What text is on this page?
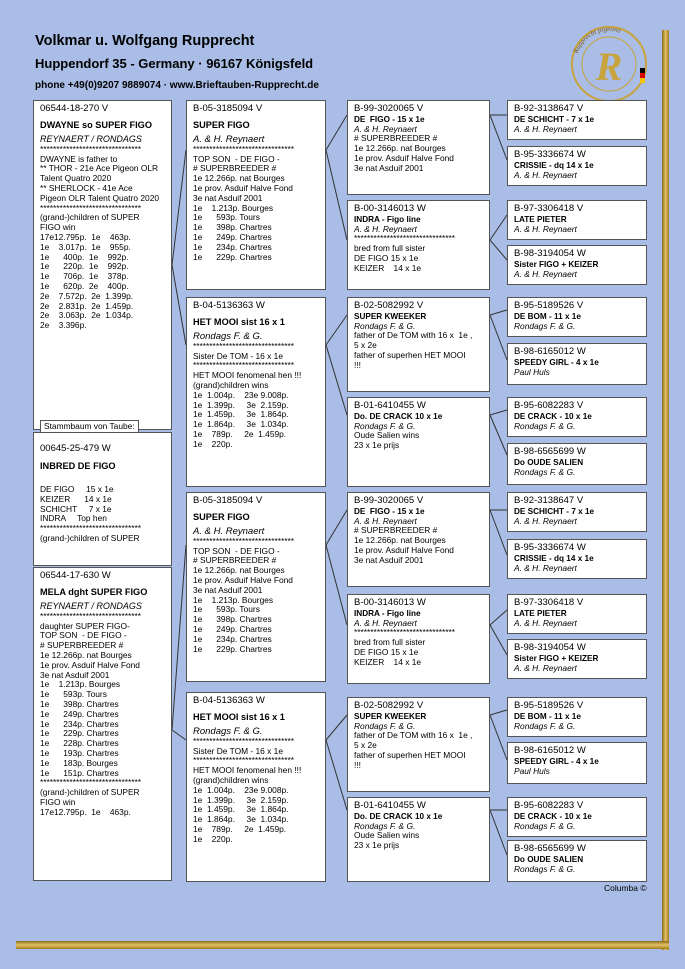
Volkmar u. Wolfgang Rupprecht
Huppendorf 35 - Germany · 96167 Königsfeld
phone +49(0)9207 9889074 · www.Brieftauben-Rupprecht.de
Rupprecht pigeons
R
06544-18-270 V
DWAYNE so SUPER FIGO
REYNAERT / RONDAGS
*******************************
DWAYNE is father to
** THOR - 21e Ace Pigeon OLR
Talent Quatro 2020
** SHERLOCK - 41e Ace
Pigeon OLR Talent Quatro 2020
*******************************
(grand-)children of SUPER
FIGO win
17e12.795p.  1e    463p.
1e    3.017p.  1e    955p.
1e      400p.  1e    992p.
1e      220p.  1e    992p.
1e      706p.  1e    378p.
1e      620p.  2e    400p.
2e    7.572p.  2e  1.399p.
2e    2.831p.  2e  1.459p.
2e    3.063p.  2e  1.034p.
2e    3.396p.
Stammbaum von Taube:
00645-25-479 W
INBRED DE FIGO
DE FIGO     15 x 1e
KEIZER      14 x 1e
SCHICHT     7 x 1e
INDRA     Top hen
*******************************
(grand-)children of SUPER
06544-17-630 W
MELA dght SUPER FIGO
REYNAERT / RONDAGS
*******************************
daughter SUPER FIGO-
TOP SON  - DE FIGO -
# SUPERBREEDER #
1e 12.266p. nat Bourges
1e prov. Asduif Halve Fond
3e nat Asduif 2001
1e    1.213p. Bourges
1e      593p. Tours
1e      398p. Chartres
1e      249p. Chartres
1e      234p. Chartres
1e      229p. Chartres
1e      228p. Chartres
1e      193p. Chartres
1e      183p. Bourges
1e      151p. Chartres
*******************************
(grand-)children of SUPER
FIGO win
17e12.795p.  1e    463p.
B-05-3185094 V
SUPER FIGO
A. & H. Reynaert
*******************************
TOP SON  - DE FIGO -
# SUPERBREEDER #
1e 12.266p. nat Bourges
1e prov. Asduif Halve Fond
3e nat Asduif 2001
1e    1.213p. Bourges
1e      593p. Tours
1e      398p. Chartres
1e      249p. Chartres
1e      234p. Chartres
1e      229p. Chartres
B-04-5136363 W
HET MOOI sist 16 x 1
Rondags F. & G.
*******************************
Sister De TOM - 16 x 1e
*******************************
HET MOOI fenomenal hen !!!
(grand)children wins
1e  1.004p.    23e 9.008p.
1e  1.399p.     3e  2.159p.
1e  1.459p.     3e  1.864p.
1e  1.864p.     3e  1.034p.
1e    789p.     2e  1.459p.
1e    220p.
B-05-3185094 V
SUPER FIGO
A. & H. Reynaert
*******************************
TOP SON  - DE FIGO -
# SUPERBREEDER #
1e 12.266p. nat Bourges
1e prov. Asduif Halve Fond
3e nat Asduif 2001
1e    1.213p. Bourges
1e      593p. Tours
1e      398p. Chartres
1e      249p. Chartres
1e      234p. Chartres
1e      229p. Chartres
B-04-5136363 W
HET MOOI sist 16 x 1
Rondags F. & G.
*******************************
Sister De TOM - 16 x 1e
*******************************
HET MOOI fenomenal hen !!!
(grand)children wins
1e  1.004p.    23e 9.008p.
1e  1.399p.     3e  2.159p.
1e  1.459p.     3e  1.864p.
1e  1.864p.     3e  1.034p.
1e    789p.     2e  1.459p.
1e    220p.
B-99-3020065 V
DE  FIGO - 15 x 1e
A. & H. Reynaert
# SUPERBREEDER #
1e 12.266p. nat Bourges
1e prov. Asduif Halve Fond
3e nat Asduif 2001
B-00-3146013 W
INDRA - Figo line
A. & H. Reynaert
*******************************
bred from full sister
DE FIGO 15 x 1e
KEIZER    14 x 1e
B-02-5082992 V
SUPER KWEEKER
Rondags F. & G.
father of De TOM with 16 x  1e ,
5 x 2e
father of superhen HET MOOI
!!!
B-01-6410455 W
Do. DE CRACK 10 x 1e
Rondags F. & G.
Oude Salien wins
23 x 1e prijs
B-99-3020065 V
DE  FIGO - 15 x 1e
A. & H. Reynaert
# SUPERBREEDER #
1e 12.266p. nat Bourges
1e prov. Asduif Halve Fond
3e nat Asduif 2001
B-00-3146013 W
INDRA - Figo line
A. & H. Reynaert
*******************************
bred from full sister
DE FIGO 15 x 1e
KEIZER    14 x 1e
B-02-5082992 V
SUPER KWEEKER
Rondags F. & G.
father of De TOM with 16 x  1e ,
5 x 2e
father of superhen HET MOOI
!!!
B-01-6410455 W
Do. DE CRACK 10 x 1e
Rondags F. & G.
Oude Salien wins
23 x 1e prijs
B-92-3138647 V
DE SCHICHT - 7 x 1e
A. & H. Reynaert
B-95-3336674 W
CRISSIE - dq 14 x 1e
A. & H. Reynaert
B-97-3306418 V
LATE PIETER
A. & H. Reynaert
B-98-3194054 W
Sister FIGO + KEIZER
A. & H. Reynaert
B-95-5189526 V
DE BOM - 11 x 1e
Rondags F. & G.
B-98-6165012 W
SPEEDY GIRL - 4 x 1e
Paul Huls
B-95-6082283 V
DE CRACK - 10 x 1e
Rondags F. & G.
B-98-6565699 W
Do OUDE SALIEN
Rondags F. & G.
B-92-3138647 V
DE SCHICHT - 7 x 1e
A. & H. Reynaert
B-95-3336674 W
CRISSIE - dq 14 x 1e
A. & H. Reynaert
B-97-3306418 V
LATE PIETER
A. & H. Reynaert
B-98-3194054 W
Sister FIGO + KEIZER
A. & H. Reynaert
B-95-5189526 V
DE BOM - 11 x 1e
Rondags F. & G.
B-98-6165012 W
SPEEDY GIRL - 4 x 1e
Paul Huls
B-95-6082283 V
DE CRACK - 10 x 1e
Rondags F. & G.
B-98-6565699 W
Do OUDE SALIEN
Rondags F. & G.
Columba ©
